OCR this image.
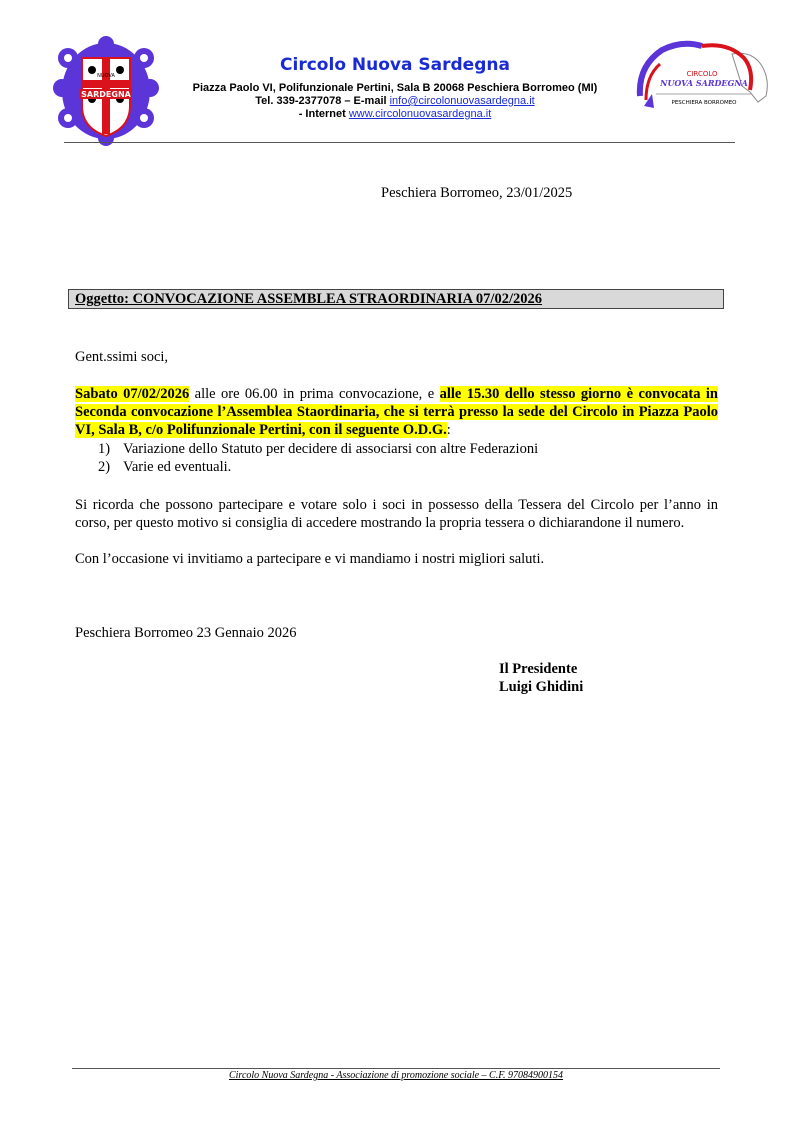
SARDEGNA
NUOVA	CIRCOLO
NUOVA SARDEGNA
PESCHIERA BORROMEO
Circolo Nuova Sardegna
Piazza Paolo VI, Polifunzionale Pertini, Sala B 20068 Peschiera Borromeo (MI)
Tel. 339-2377078 – E-mail info@circolonuovasardegna.it
- Internet www.circolonuovasardegna.it
Peschiera Borromeo, 23/01/2025
Oggetto: CONVOCAZIONE ASSEMBLEA STRAORDINARIA 07/02/2026
Gent.ssimi soci,
Sabato 07/02/2026 alle ore 06.00 in prima convocazione, e alle 15.30 dello stesso giorno è convocata in Seconda convocazione l’Assemblea Staordinaria, che si terrà presso la sede del Circolo in Piazza Paolo VI, Sala B, c/o Polifunzionale Pertini, con il seguente O.D.G.:
1) Variazione dello Statuto per decidere di associarsi con altre Federazioni
2) Varie ed eventuali.
Si ricorda che possono partecipare e votare solo i soci in possesso della Tessera del Circolo per l’anno in corso, per questo motivo si consiglia di accedere mostrando la propria tessera o dichiarandone il numero.
Con l’occasione vi invitiamo a partecipare e vi mandiamo i nostri migliori saluti.
Peschiera Borromeo 23 Gennaio 2026
Il Presidente
Luigi Ghidini
Circolo Nuova Sardegna - Associazione di promozione sociale – C.F. 97084900154
